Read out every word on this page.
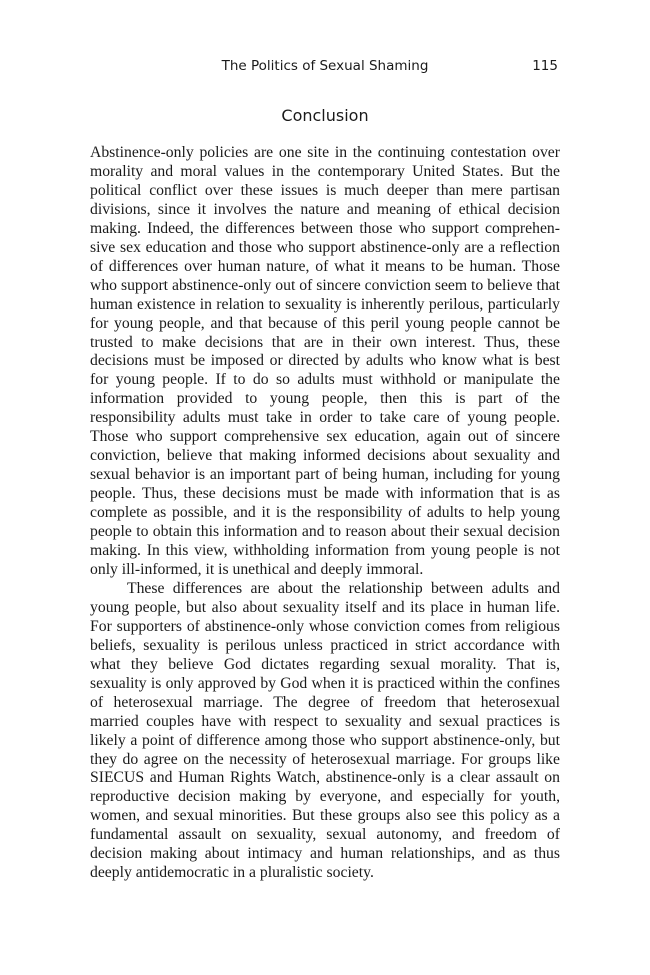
The Politics of Sexual Shaming	115
Conclusion

Abstinence-only policies are one site in the continuing contestation over morality and moral values in the contemporary United States. But the political conflict over these issues is much deeper than mere partisan divisions, since it involves the nature and meaning of ethical decision making. Indeed, the differences between those who support comprehensive sex education and those who support abstinence-only are a reflection of differences over human nature, of what it means to be human. Those who support abstinence-only out of sincere conviction seem to believe that human existence in relation to sexuality is inherently perilous, particularly for young people, and that because of this peril young people cannot be trusted to make decisions that are in their own interest. Thus, these decisions must be imposed or directed by adults who know what is best for young people. If to do so adults must withhold or manipulate the information provided to young people, then this is part of the responsibility adults must take in order to take care of young people. Those who support comprehensive sex education, again out of sincere conviction, believe that making informed decisions about sexuality and sexual behavior is an important part of being human, including for young people. Thus, these decisions must be made with information that is as complete as possible, and it is the responsibility of adults to help young people to obtain this information and to reason about their sexual decision making. In this view, withholding information from young people is not only ill-informed, it is unethical and deeply immoral.

These differences are about the relationship between adults and young people, but also about sexuality itself and its place in human life. For supporters of abstinence-only whose conviction comes from religious beliefs, sexuality is perilous unless practiced in strict accordance with what they believe God dictates regarding sexual morality. That is, sexuality is only approved by God when it is practiced within the confines of heterosexual marriage. The degree of freedom that heterosexual married couples have with respect to sexuality and sexual practices is likely a point of difference among those who support abstinence-only, but they do agree on the necessity of heterosexual marriage. For groups like SIECUS and Human Rights Watch, abstinence-only is a clear assault on reproductive decision making by everyone, and especially for youth, women, and sexual minorities. But these groups also see this policy as a fundamental assault on sexuality, sexual autonomy, and freedom of decision making about intimacy and human relationships, and as thus deeply antidemocratic in a pluralistic society.
